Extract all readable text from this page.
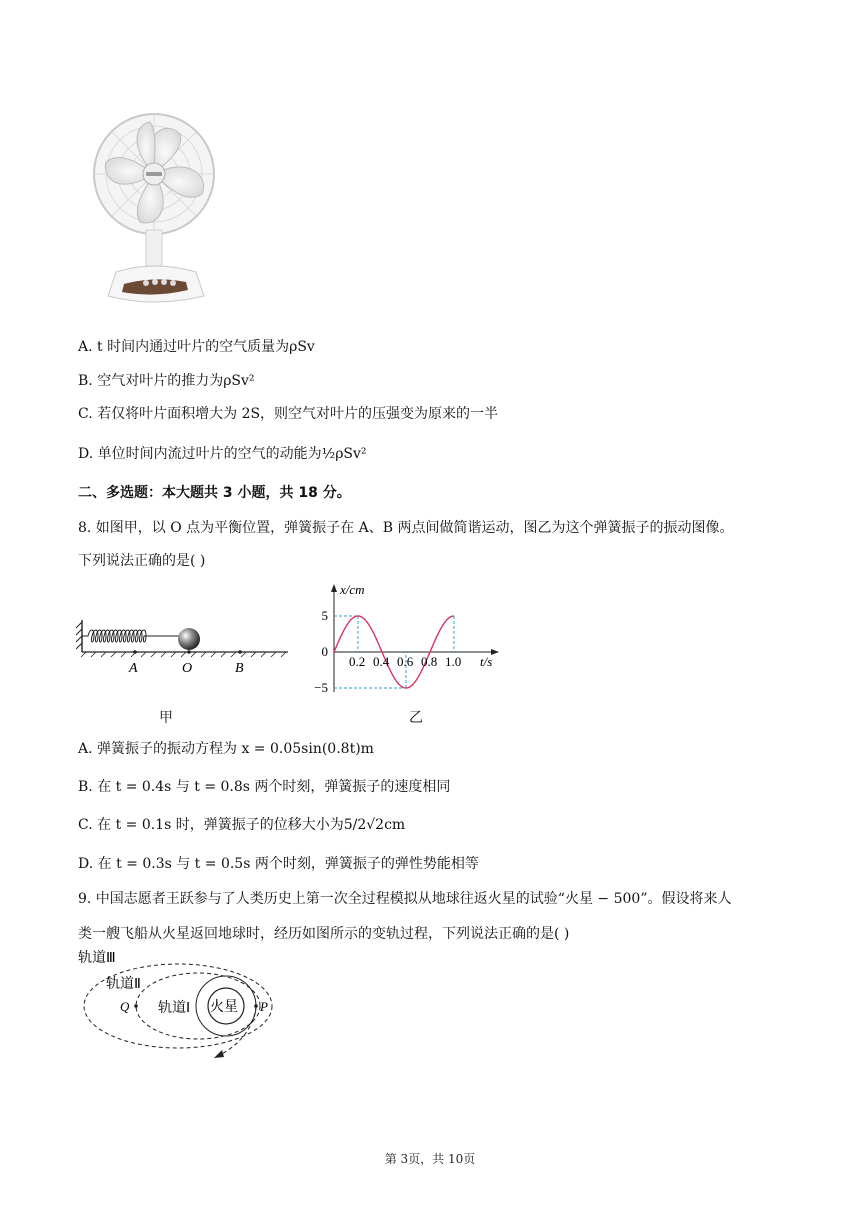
A. t 时间内通过叶片的空气质量为ρSv
B. 空气对叶片的推力为ρSv²
C. 若仅将叶片面积增大为 2S，则空气对叶片的压强变为原来的一半
D. 单位时间内流过叶片的空气的动能为½ρSv²
二、多选题：本大题共 3 小题，共 18 分。
8. 如图甲，以 O 点为平衡位置，弹簧振子在 A、B 两点间做简谐运动，图乙为这个弹簧振子的振动图像。
下列说法正确的是( )
A	O	B
甲
x/cm
t/s
0.2 0.4 0.6 0.8 1.0
5
0
−5
乙
A. 弹簧振子的振动方程为 x = 0.05sin(0.8t)m
B. 在 t = 0.4s 与 t = 0.8s 两个时刻，弹簧振子的速度相同
C. 在 t = 0.1s 时，弹簧振子的位移大小为5/2√2cm
D. 在 t = 0.3s 与 t = 0.5s 两个时刻，弹簧振子的弹性势能相等
9. 中国志愿者王跃参与了人类历史上第一次全过程模拟从地球往返火星的试验“火星 − 500”。假设将来人
类一艘飞船从火星返回地球时，经历如图所示的变轨过程，下列说法正确的是( )
轨道Ⅲ
火星
轨道Ⅱ
轨道Ⅰ
Q	P
第 3页，共 10页
